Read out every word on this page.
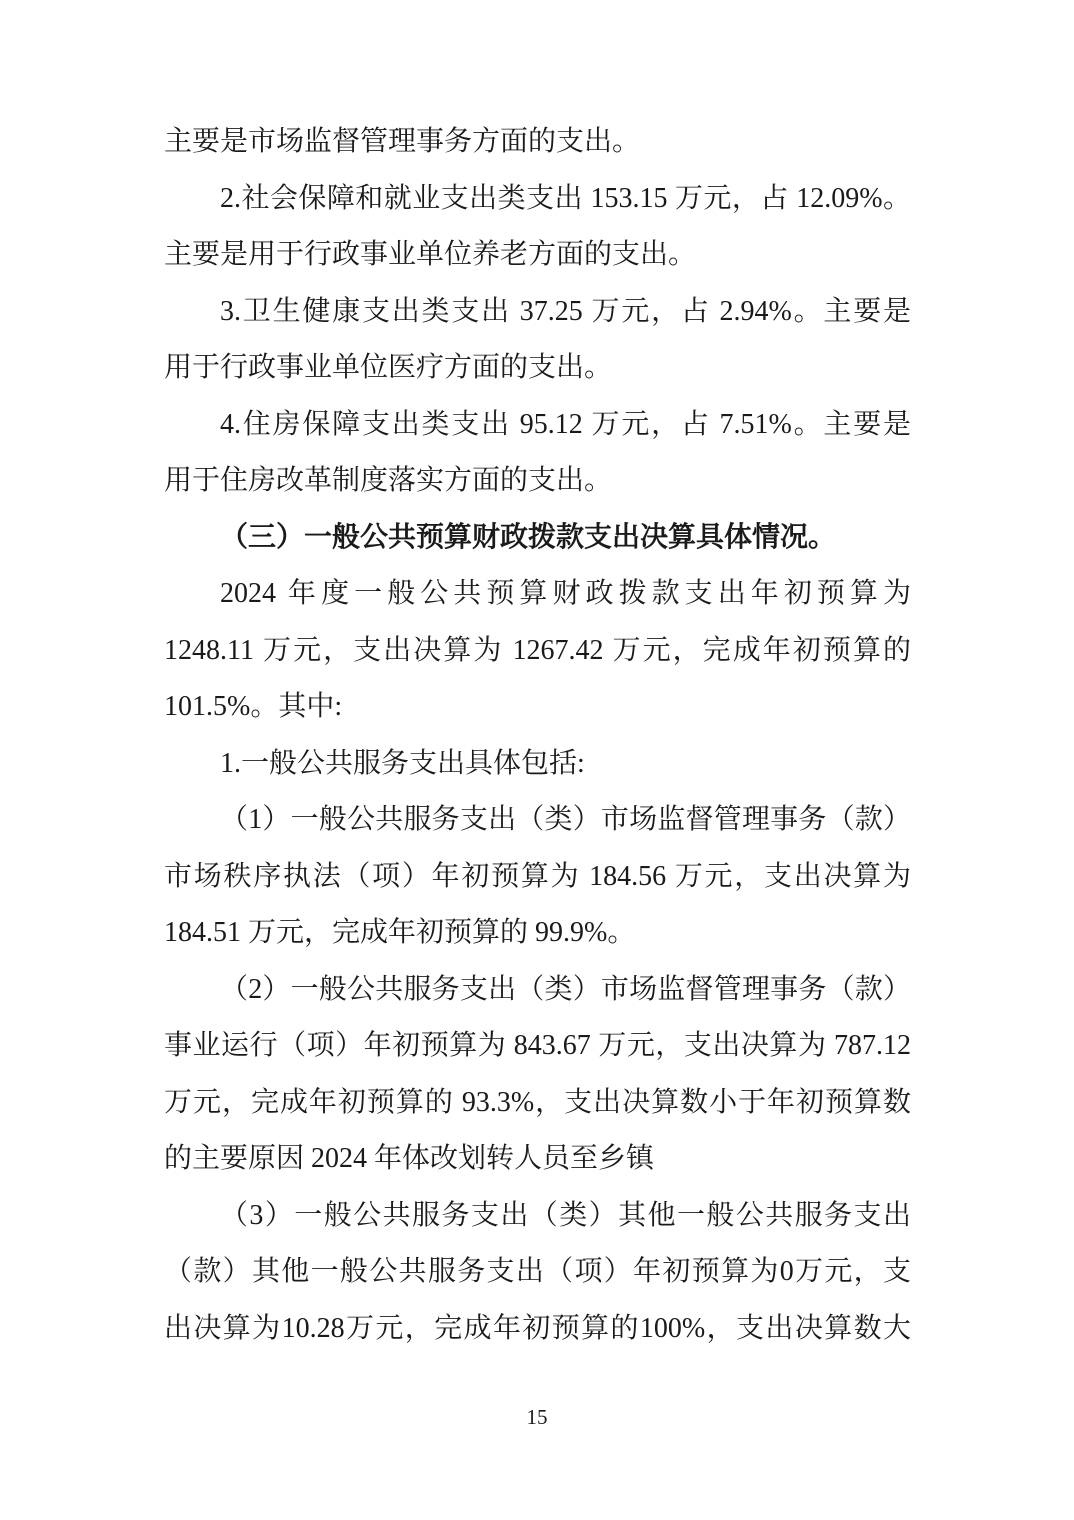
主要是市场监督管理事务方面的支出。
2.社会保障和就业支出类支出 153.15 万元，占 12.09%。
主要是用于行政事业单位养老方面的支出。
3.卫生健康支出类支出 37.25 万元，占 2.94%。主要是
用于行政事业单位医疗方面的支出。
4.住房保障支出类支出 95.12 万元，占 7.51%。主要是
用于住房改革制度落实方面的支出。
（三）一般公共预算财政拨款支出决算具体情况。
2024 年度一般公共预算财政拨款支出年初预算为
1248.11 万元，支出决算为 1267.42 万元，完成年初预算的
101.5%。其中:
1.一般公共服务支出具体包括:
（1）一般公共服务支出（类）市场监督管理事务（款）
市场秩序执法（项）年初预算为 184.56 万元，支出决算为
184.51 万元，完成年初预算的 99.9%。
（2）一般公共服务支出（类）市场监督管理事务（款）
事业运行（项）年初预算为 843.67 万元，支出决算为 787.12
万元，完成年初预算的 93.3%，支出决算数小于年初预算数
的主要原因 2024 年体改划转人员至乡镇
（3）一般公共服务支出（类）其他一般公共服务支出
（款）其他一般公共服务支出（项）年初预算为0万元，支
出决算为10.28万元，完成年初预算的100%，支出决算数大
15
